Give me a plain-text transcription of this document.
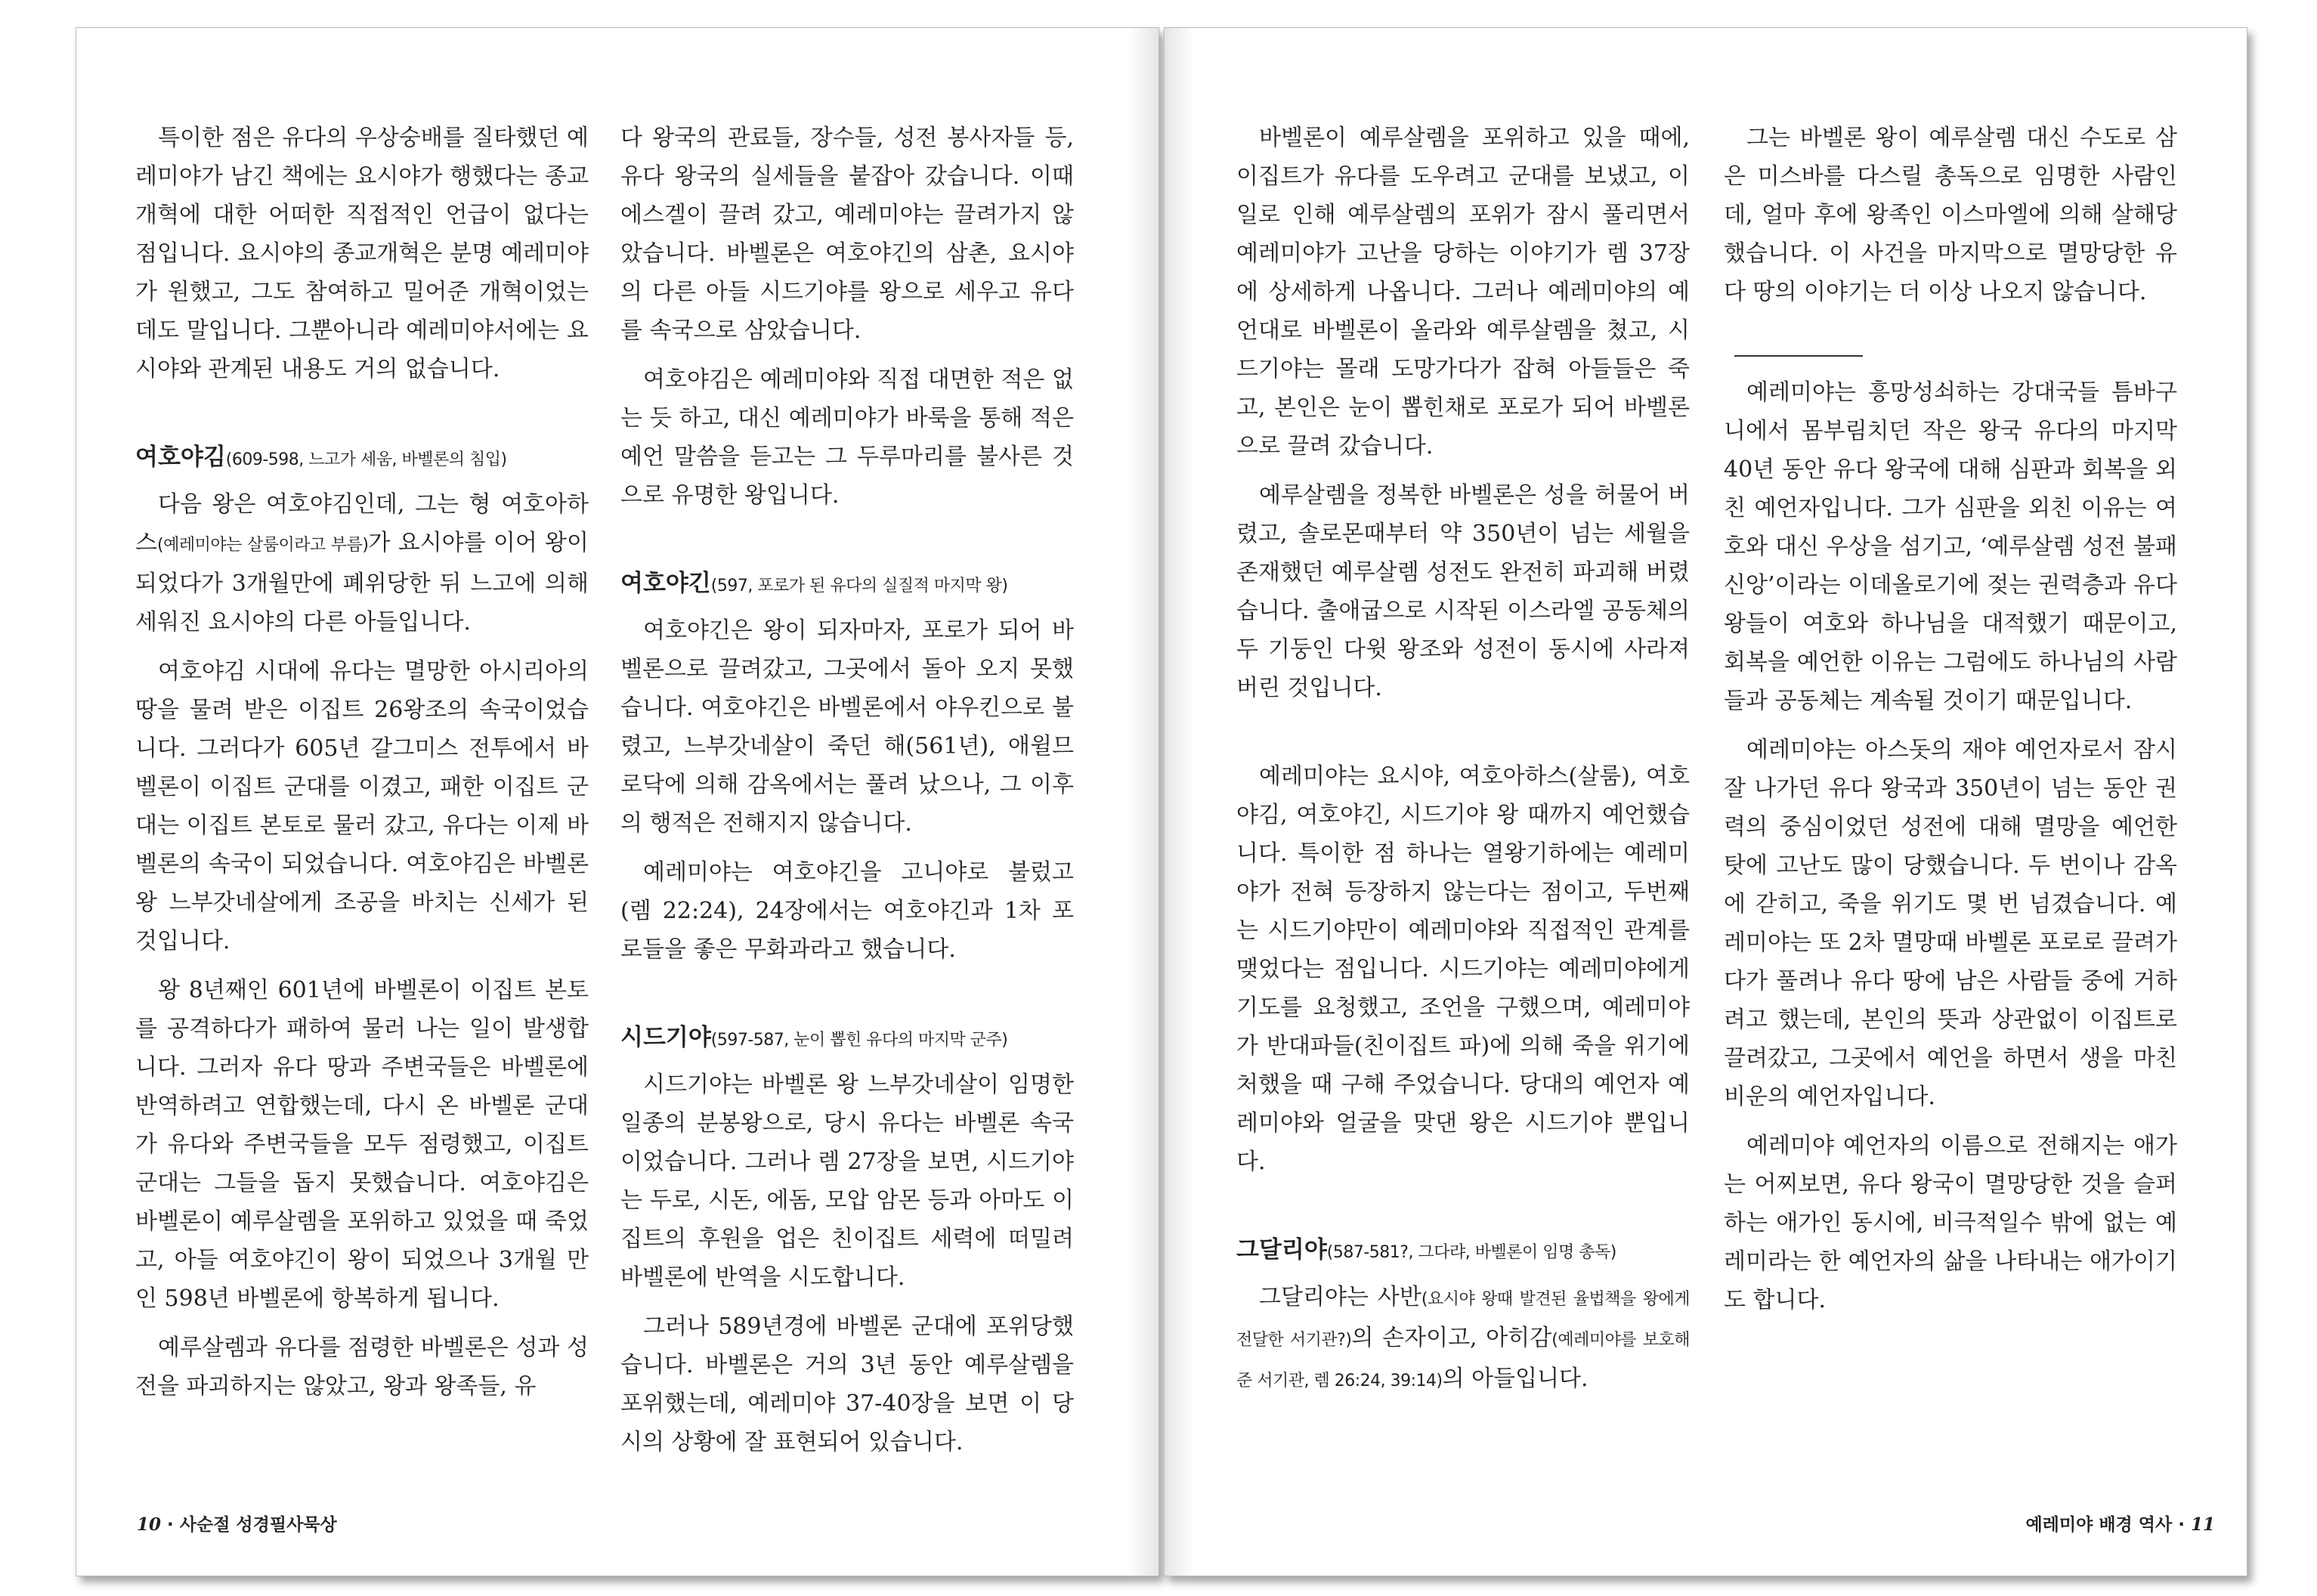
특이한 점은 유다의 우상숭배를 질타했던 예레미야가 남긴 책에는 요시야가 행했다는 종교개혁에 대한 어떠한 직접적인 언급이 없다는 점입니다. 요시야의 종교개혁은 분명 예레미야가 원했고, 그도 참여하고 밀어준 개혁이었는데도 말입니다. 그뿐아니라 예레미야서에는 요시야와 관계된 내용도 거의 없습니다.

여호야김(609-598, 느고가 세움, 바벨론의 침입)

다음 왕은 여호야김인데, 그는 형 여호아하스(예레미야는 살룸이라고 부름)가 요시야를 이어 왕이 되었다가 3개월만에 폐위당한 뒤 느고에 의해 세워진 요시야의 다른 아들입니다.

여호야김 시대에 유다는 멸망한 아시리아의 땅을 물려 받은 이집트 26왕조의 속국이었습니다. 그러다가 605년 갈그미스 전투에서 바벨론이 이집트 군대를 이겼고, 패한 이집트 군대는 이집트 본토로 물러 갔고, 유다는 이제 바벨론의 속국이 되었습니다. 여호야김은 바벨론 왕 느부갓네살에게 조공을 바치는 신세가 된 것입니다.

왕 8년째인 601년에 바벨론이 이집트 본토를 공격하다가 패하여 물러 나는 일이 발생합니다. 그러자 유다 땅과 주변국들은 바벨론에 반역하려고 연합했는데, 다시 온 바벨론 군대가 유다와 주변국들을 모두 점령했고, 이집트군대는 그들을 돕지 못했습니다. 여호야김은 바벨론이 예루살렘을 포위하고 있었을 때 죽었고, 아들 여호야긴이 왕이 되었으나 3개월 만인 598년 바벨론에 항복하게 됩니다.

예루살렘과 유다를 점령한 바벨론은 성과 성전을 파괴하지는 않았고, 왕과 왕족들, 유

다 왕국의 관료들, 장수들, 성전 봉사자들 등, 유다 왕국의 실세들을 붙잡아 갔습니다. 이때 에스겔이 끌려 갔고, 예레미야는 끌려가지 않았습니다. 바벨론은 여호야긴의 삼촌, 요시야의 다른 아들 시드기야를 왕으로 세우고 유다를 속국으로 삼았습니다.

여호야김은 예레미야와 직접 대면한 적은 없는 듯 하고, 대신 예레미야가 바룩을 통해 적은 예언 말씀을 듣고는 그 두루마리를 불사른 것으로 유명한 왕입니다.

여호야긴(597, 포로가 된 유다의 실질적 마지막 왕)

여호야긴은 왕이 되자마자, 포로가 되어 바벨론으로 끌려갔고, 그곳에서 돌아 오지 못했습니다. 여호야긴은 바벨론에서 야우킨으로 불렸고, 느부갓네살이 죽던 해(561년), 애윌므로닥에 의해 감옥에서는 풀려 났으나, 그 이후의 행적은 전해지지 않습니다.

예레미야는 여호야긴을 고니야로 불렀고 (렘 22:24), 24장에서는 여호야긴과 1차 포로들을 좋은 무화과라고 했습니다.

시드기야(597-587, 눈이 뽑힌 유다의 마지막 군주)

시드기야는 바벨론 왕 느부갓네살이 임명한 일종의 분봉왕으로, 당시 유다는 바벨론 속국이었습니다. 그러나 렘 27장을 보면, 시드기야는 두로, 시돈, 에돔, 모압 암몬 등과 아마도 이집트의 후원을 업은 친이집트 세력에 떠밀려 바벨론에 반역을 시도합니다.

그러나 589년경에 바벨론 군대에 포위당했습니다. 바벨론은 거의 3년 동안 예루살렘을 포위했는데, 예레미야 37-40장을 보면 이 당시의 상황에 잘 표현되어 있습니다.

10 · 사순절 성경필사묵상

바벨론이 예루살렘을 포위하고 있을 때에, 이집트가 유다를 도우려고 군대를 보냈고, 이 일로 인해 예루살렘의 포위가 잠시 풀리면서 예레미야가 고난을 당하는 이야기가 렘 37장에 상세하게 나옵니다. 그러나 예레미야의 예언대로 바벨론이 올라와 예루살렘을 쳤고, 시드기야는 몰래 도망가다가 잡혀 아들들은 죽고, 본인은 눈이 뽑힌채로 포로가 되어 바벨론으로 끌려 갔습니다.

예루살렘을 정복한 바벨론은 성을 허물어 버렸고, 솔로몬때부터 약 350년이 넘는 세월을 존재했던 예루살렘 성전도 완전히 파괴해 버렸습니다. 출애굽으로 시작된 이스라엘 공동체의 두 기둥인 다윗 왕조와 성전이 동시에 사라져 버린 것입니다.

예레미야는 요시야, 여호아하스(살룸), 여호야김, 여호야긴, 시드기야 왕 때까지 예언했습니다. 특이한 점 하나는 열왕기하에는 예레미야가 전혀 등장하지 않는다는 점이고, 두번째는 시드기야만이 예레미야와 직접적인 관계를 맺었다는 점입니다. 시드기야는 예레미야에게 기도를 요청했고, 조언을 구했으며, 예레미야가 반대파들(친이집트 파)에 의해 죽을 위기에 처했을 때 구해 주었습니다. 당대의 예언자 예레미야와 얼굴을 맞댄 왕은 시드기야 뿐입니다.

그달리야(587-581?, 그다랴, 바벨론이 임명 총독)

그달리야는 사반(요시야 왕때 발견된 율법책을 왕에게 전달한 서기관?)의 손자이고, 아히감(예레미야를 보호해 준 서기관, 렘 26:24, 39:14)의 아들입니다.

그는 바벨론 왕이 예루살렘 대신 수도로 삼은 미스바를 다스릴 총독으로 임명한 사람인데, 얼마 후에 왕족인 이스마엘에 의해 살해당했습니다. 이 사건을 마지막으로 멸망당한 유다 땅의 이야기는 더 이상 나오지 않습니다.

예레미야는 흥망성쇠하는 강대국들 틈바구니에서 몸부림치던 작은 왕국 유다의 마지막 40년 동안 유다 왕국에 대해 심판과 회복을 외친 예언자입니다. 그가 심판을 외친 이유는 여호와 대신 우상을 섬기고, ‘예루살렘 성전 불패 신앙’이라는 이데올로기에 젖는 권력층과 유다 왕들이 여호와 하나님을 대적했기 때문이고, 회복을 예언한 이유는 그럼에도 하나님의 사람들과 공동체는 계속될 것이기 때문입니다.

예레미야는 아스돗의 재야 예언자로서 잠시 잘 나가던 유다 왕국과 350년이 넘는 동안 권력의 중심이었던 성전에 대해 멸망을 예언한 탓에 고난도 많이 당했습니다. 두 번이나 감옥에 갇히고, 죽을 위기도 몇 번 넘겼습니다. 예레미야는 또 2차 멸망때 바벨론 포로로 끌려가다가 풀려나 유다 땅에 남은 사람들 중에 거하려고 했는데, 본인의 뜻과 상관없이 이집트로 끌려갔고, 그곳에서 예언을 하면서 생을 마친 비운의 예언자입니다.

예레미야 예언자의 이름으로 전해지는 애가는 어찌보면, 유다 왕국이 멸망당한 것을 슬퍼하는 애가인 동시에, 비극적일수 밖에 없는 예레미라는 한 예언자의 삶을 나타내는 애가이기도 합니다.

예레미야 배경 역사 · 11
